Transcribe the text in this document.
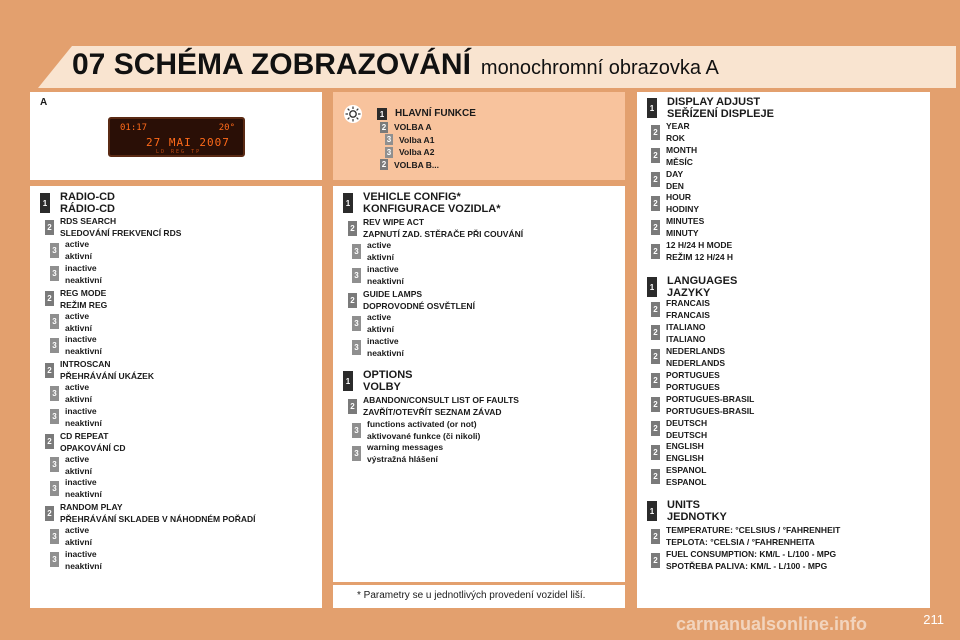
07 SCHÉMA ZOBRAZOVÁNÍ monochromní obrazovka A
A
01:17	20°
27 MAI 2007
LD REG TP
1 HLAVNÍ FUNKCE
2 VOLBA A
3 Volba A1
3 Volba A2
2 VOLBA B...
1 RADIO-CD
RÁDIO-CD
2
RDS SEARCH
SLEDOVÁNÍ FREKVENCÍ RDS
3
active
aktivní
3
inactive
neaktivní
2
REG MODE
REŽIM REG
3
active
aktivní
3
inactive
neaktivní
2
INTROSCAN
PŘEHRÁVÁNÍ UKÁZEK
3
active
aktivní
3
inactive
neaktivní
2
CD REPEAT
OPAKOVÁNÍ CD
3
active
aktivní
3
inactive
neaktivní
2
RANDOM PLAY
PŘEHRÁVÁNÍ SKLADEB V NÁHODNÉM POŘADÍ
3
active
aktivní
3
inactive
neaktivní
1 VEHICLE CONFIG*
KONFIGURACE VOZIDLA*
2
REV WIPE ACT
ZAPNUTÍ ZAD. STĚRAČE PŘI COUVÁNÍ
3
active
aktivní
3
inactive
neaktivní
2
GUIDE LAMPS
DOPROVODNÉ OSVĚTLENÍ
3
active
aktivní
3
inactive
neaktivní
1 OPTIONS
VOLBY
2
ABANDON/CONSULT LIST OF FAULTS
ZAVŘÍT/OTEVŘÍT SEZNAM ZÁVAD
3
functions activated (or not)
aktivované funkce (či nikoli)
3
warning messages
výstražná hlášení
* Parametry se u jednotlivých provedení vozidel liší.
1 DISPLAY ADJUST
SEŘÍZENÍ DISPLEJE
2
YEAR
ROK
2
MONTH
MĚSÍC
2
DAY
DEN
2
HOUR
HODINY
2
MINUTES
MINUTY
2
12 H/24 H MODE
REŽIM 12 H/24 H
1 LANGUAGES
JAZYKY
2
FRANCAIS
FRANCAIS
2
ITALIANO
ITALIANO
2
NEDERLANDS
NEDERLANDS
2
PORTUGUES
PORTUGUES
2
PORTUGUES-BRASIL
PORTUGUES-BRASIL
2
DEUTSCH
DEUTSCH
2
ENGLISH
ENGLISH
2
ESPANOL
ESPANOL
1 UNITS
JEDNOTKY
2
TEMPERATURE: °CELSIUS / °FAHRENHEIT
TEPLOTA: °CELSIA / °FAHRENHEITA
2
FUEL CONSUMPTION: KM/L - L/100 - MPG
SPOTŘEBA PALIVA: KM/L - L/100 - MPG
211
carmanualsonline.info
